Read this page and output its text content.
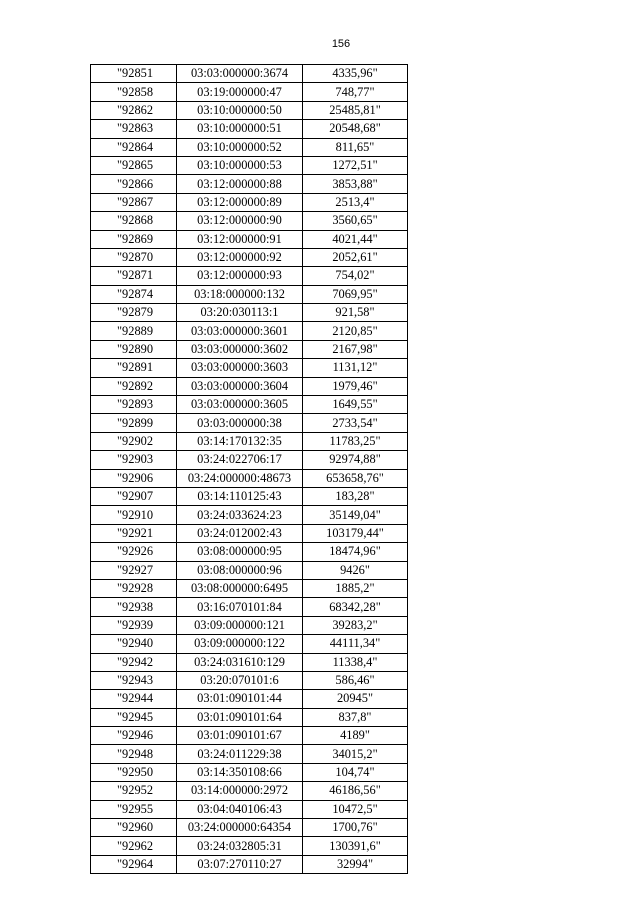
156
"92851	03:03:000000:3674	4335,96"
"92858	03:19:000000:47	748,77"
"92862	03:10:000000:50	25485,81"
"92863	03:10:000000:51	20548,68"
"92864	03:10:000000:52	811,65"
"92865	03:10:000000:53	1272,51"
"92866	03:12:000000:88	3853,88"
"92867	03:12:000000:89	2513,4"
"92868	03:12:000000:90	3560,65"
"92869	03:12:000000:91	4021,44"
"92870	03:12:000000:92	2052,61"
"92871	03:12:000000:93	754,02"
"92874	03:18:000000:132	7069,95"
"92879	03:20:030113:1	921,58"
"92889	03:03:000000:3601	2120,85"
"92890	03:03:000000:3602	2167,98"
"92891	03:03:000000:3603	1131,12"
"92892	03:03:000000:3604	1979,46"
"92893	03:03:000000:3605	1649,55"
"92899	03:03:000000:38	2733,54"
"92902	03:14:170132:35	11783,25"
"92903	03:24:022706:17	92974,88"
"92906	03:24:000000:48673	653658,76"
"92907	03:14:110125:43	183,28"
"92910	03:24:033624:23	35149,04"
"92921	03:24:012002:43	103179,44"
"92926	03:08:000000:95	18474,96"
"92927	03:08:000000:96	9426"
"92928	03:08:000000:6495	1885,2"
"92938	03:16:070101:84	68342,28"
"92939	03:09:000000:121	39283,2"
"92940	03:09:000000:122	44111,34"
"92942	03:24:031610:129	11338,4"
"92943	03:20:070101:6	586,46"
"92944	03:01:090101:44	20945"
"92945	03:01:090101:64	837,8"
"92946	03:01:090101:67	4189"
"92948	03:24:011229:38	34015,2"
"92950	03:14:350108:66	104,74"
"92952	03:14:000000:2972	46186,56"
"92955	03:04:040106:43	10472,5"
"92960	03:24:000000:64354	1700,76"
"92962	03:24:032805:31	130391,6"
"92964	03:07:270110:27	32994"
